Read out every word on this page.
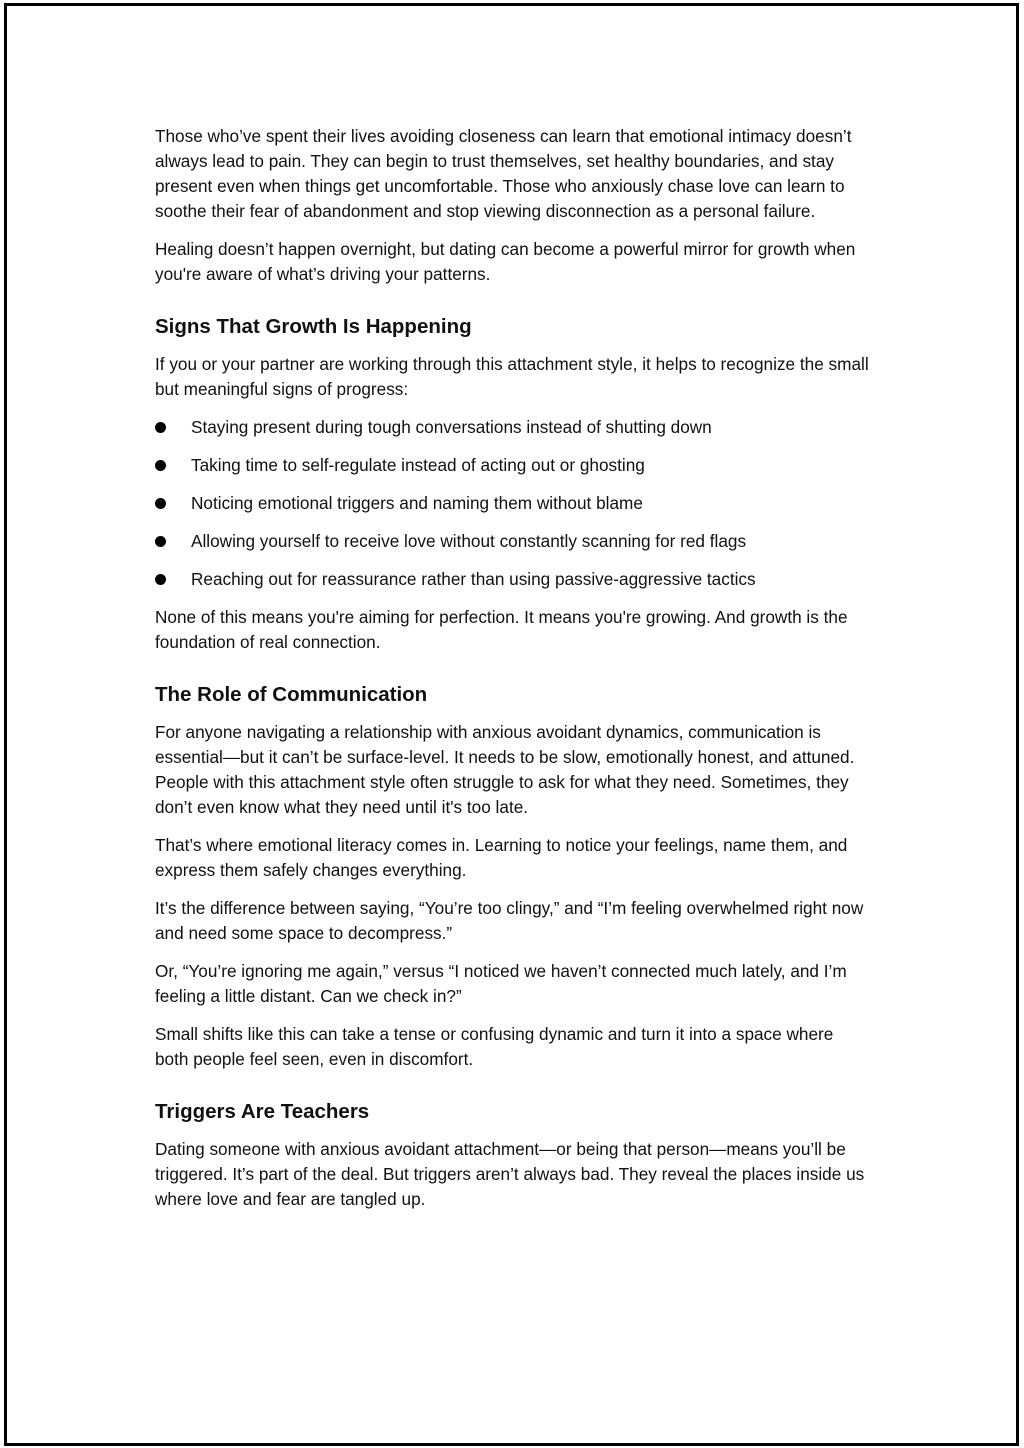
Those who’ve spent their lives avoiding closeness can learn that emotional intimacy doesn’t always lead to pain. They can begin to trust themselves, set healthy boundaries, and stay present even when things get uncomfortable. Those who anxiously chase love can learn to soothe their fear of abandonment and stop viewing disconnection as a personal failure.

Healing doesn’t happen overnight, but dating can become a powerful mirror for growth when you're aware of what’s driving your patterns.

Signs That Growth Is Happening

If you or your partner are working through this attachment style, it helps to recognize the small but meaningful signs of progress:

Staying present during tough conversations instead of shutting down
Taking time to self-regulate instead of acting out or ghosting
Noticing emotional triggers and naming them without blame
Allowing yourself to receive love without constantly scanning for red flags
Reaching out for reassurance rather than using passive-aggressive tactics

None of this means you're aiming for perfection. It means you're growing. And growth is the foundation of real connection.

The Role of Communication

For anyone navigating a relationship with anxious avoidant dynamics, communication is essential—but it can’t be surface-level. It needs to be slow, emotionally honest, and attuned. People with this attachment style often struggle to ask for what they need. Sometimes, they don’t even know what they need until it's too late.

That’s where emotional literacy comes in. Learning to notice your feelings, name them, and express them safely changes everything.

It’s the difference between saying, “You’re too clingy,” and “I’m feeling overwhelmed right now and need some space to decompress.”

Or, “You’re ignoring me again,” versus “I noticed we haven’t connected much lately, and I’m feeling a little distant. Can we check in?”

Small shifts like this can take a tense or confusing dynamic and turn it into a space where both people feel seen, even in discomfort.

Triggers Are Teachers

Dating someone with anxious avoidant attachment—or being that person—means you’ll be triggered. It’s part of the deal. But triggers aren’t always bad. They reveal the places inside us where love and fear are tangled up.
